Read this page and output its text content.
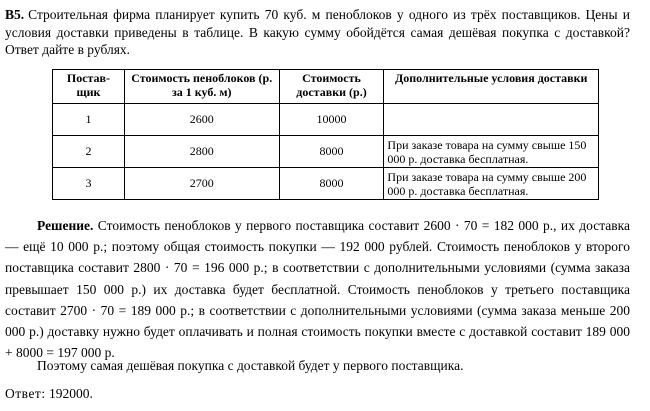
B5. Строительная фирма планирует купить 70 куб. м пеноблоков у одного из трёх поставщиков. Цены и условия доставки приведены в таблице. В какую сумму обойдётся самая дешёвая покупка с доставкой? Ответ дайте в рублях.
Постав-щик	Стоимость пеноблоков (р. за 1 куб. м)	Стоимость доставки (р.)	Дополнительные условия доставки
1	2600	10000	
2	2800	8000	При заказе товара на сумму свыше 150 000 р. доставка бесплатная.
3	2700	8000	При заказе товара на сумму свыше 200 000 р. доставка бесплатная.
Решение. Стоимость пеноблоков у первого поставщика составит 2600 · 70 = 182 000 р., их доставка — ещё 10 000 р.; поэтому общая стоимость покупки — 192 000 рублей. Стоимость пеноблоков у второго поставщика составит 2800 · 70 = 196 000 р.; в соответствии с дополнительными условиями (сумма заказа превышает 150 000 р.) их доставка будет бесплатной. Стоимость пеноблоков у третьего поставщика составит 2700 · 70 = 189 000 р.; в соответствии с дополнительными условиями (сумма заказа меньше 200 000 р.) доставку нужно будет оплачивать и полная стоимость покупки вместе с доставкой составит 189 000 + 8000 = 197 000 р.
Поэтому самая дешёвая покупка с доставкой будет у первого поставщика.
Ответ: 192000.
